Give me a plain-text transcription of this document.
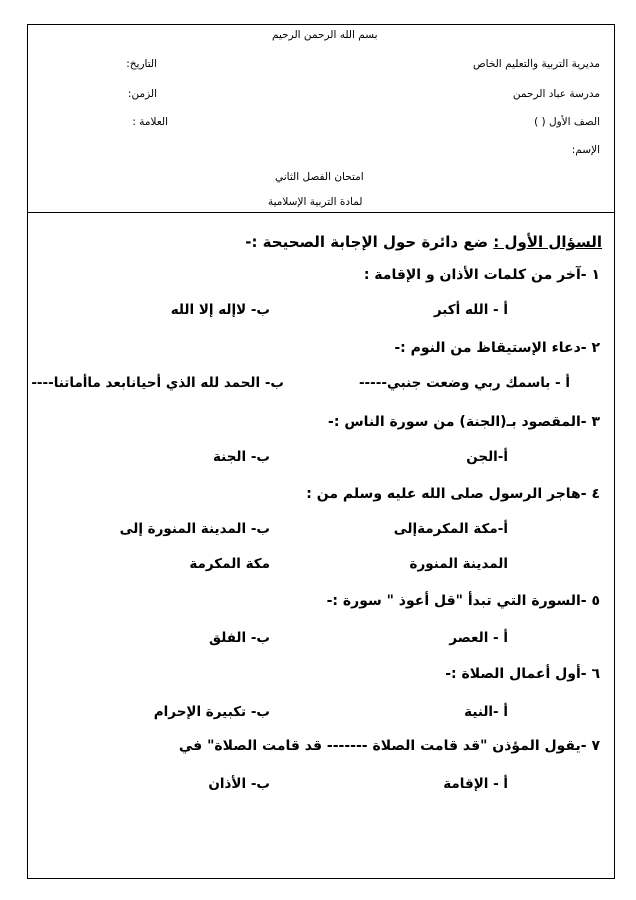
بسم الله الرحمن الرحيم
مديرية التربية والتعليم الخاص
مدرسة عباد الرحمن
الصف الأول ( )
الإسم:
التاريخ:
الزمن:
العلامة :
امتحان الفصل الثاني
لمادة التربية الإسلامية
السؤال الأول : ضع دائرة حول الإجابة الصحيحة :-
١ -آخر من كلمات الأذان و الإقامة :
أ - الله أكبر
ب- لاإله إلا الله
٢ -دعاء الإستيقاظ من النوم :-
أ - باسمك ربي وضعت جنبي-----
ب- الحمد لله الذي أحيانابعد ماأماتنا----
٣ -المقصود بـ(الجنة) من سورة الناس :-
أ-الجن
ب- الجنة
٤ -هاجر الرسول صلى الله عليه وسلم من :
أ-مكة المكرمةإلى
ب- المدينة المنورة إلى
المدينة المنورة
مكة المكرمة
٥ -السورة التي تبدأ "قل أعوذ " سورة :-
أ - العصر
ب- الفلق
٦ -أول أعمال الصلاة :-
أ -النية
ب- تكبيرة الإحرام
٧ -يقول المؤذن "قد قامت الصلاة ------- قد قامت الصلاة" في
أ - الإقامة
ب- الأذان
